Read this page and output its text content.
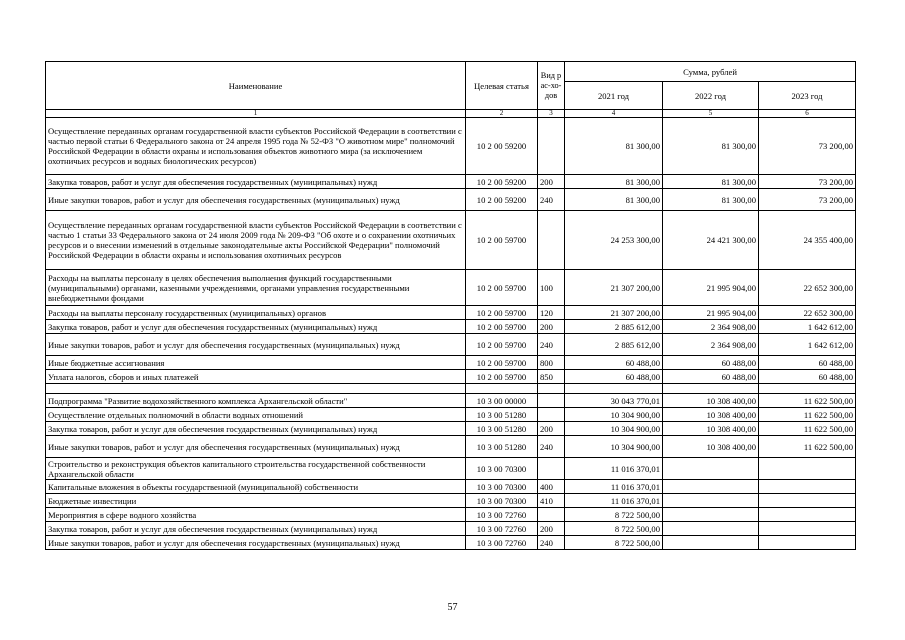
Наименование	Целевая статья	Вид рас-хо-дов	Сумма, рублей		
			2021 год	2022 год	2023 год
1	2	3	4	5	6
Осуществление переданных органам государственной власти субъектов Российской Федерации в соответствии с частью первой статьи 6 Федерального закона от 24 апреля 1995 года № 52-ФЗ "О животном мире" полномочий Российской Федерации в области охраны и использования объектов животного мира (за исключением охотничьих ресурсов и водных биологических ресурсов)	10 2 00 59200		81 300,00	81 300,00	73 200,00
Закупка товаров, работ и услуг для обеспечения государственных (муниципальных) нужд	10 2 00 59200	200	81 300,00	81 300,00	73 200,00
Иные закупки товаров, работ и услуг для обеспечения государственных (муниципальных) нужд	10 2 00 59200	240	81 300,00	81 300,00	73 200,00
Осуществление переданных органам государственной власти субъектов Российской Федерации в соответствии с частью 1 статьи 33 Федерального закона от 24 июля 2009 года № 209-ФЗ "Об охоте и о сохранении охотничьих ресурсов и о внесении изменений в отдельные законодательные акты Российской Федерации" полномочий Российской Федерации в области охраны и использования охотничьих ресурсов	10 2 00 59700		24 253 300,00	24 421 300,00	24 355 400,00
Расходы на выплаты персоналу в целях обеспечения выполнения функций государственными (муниципальными) органами, казенными учреждениями, органами управления государственными внебюджетными фондами	10 2 00 59700	100	21 307 200,00	21 995 904,00	22 652 300,00
Расходы на выплаты персоналу государственных (муниципальных) органов	10 2 00 59700	120	21 307 200,00	21 995 904,00	22 652 300,00
Закупка товаров, работ и услуг для обеспечения государственных (муниципальных) нужд	10 2 00 59700	200	2 885 612,00	2 364 908,00	1 642 612,00
Иные закупки товаров, работ и услуг для обеспечения государственных (муниципальных) нужд	10 2 00 59700	240	2 885 612,00	2 364 908,00	1 642 612,00
Иные бюджетные ассигнования	10 2 00 59700	800	60 488,00	60 488,00	60 488,00
Уплата налогов, сборов и иных платежей	10 2 00 59700	850	60 488,00	60 488,00	60 488,00

Подпрограмма "Развитие водохозяйственного комплекса Архангельской области"	10 3 00 00000		30 043 770,01	10 308 400,00	11 622 500,00
Осуществление отдельных полномочий в области водных отношений	10 3 00 51280		10 304 900,00	10 308 400,00	11 622 500,00
Закупка товаров, работ и услуг для обеспечения государственных (муниципальных) нужд	10 3 00 51280	200	10 304 900,00	10 308 400,00	11 622 500,00
Иные закупки товаров, работ и услуг для обеспечения государственных (муниципальных) нужд	10 3 00 51280	240	10 304 900,00	10 308 400,00	11 622 500,00
Строительство и реконструкция объектов капитального строительства государственной собственности Архангельской области	10 3 00 70300		11 016 370,01		
Капитальные вложения в объекты государственной (муниципальной) собственности	10 3 00 70300	400	11 016 370,01		
Бюджетные инвестиции	10 3 00 70300	410	11 016 370,01		
Мероприятия в сфере водного хозяйства	10 3 00 72760		8 722 500,00		
Закупка товаров, работ и услуг для обеспечения государственных (муниципальных) нужд	10 3 00 72760	200	8 722 500,00		
Иные закупки товаров, работ и услуг для обеспечения государственных (муниципальных) нужд	10 3 00 72760	240	8 722 500,00		
57
